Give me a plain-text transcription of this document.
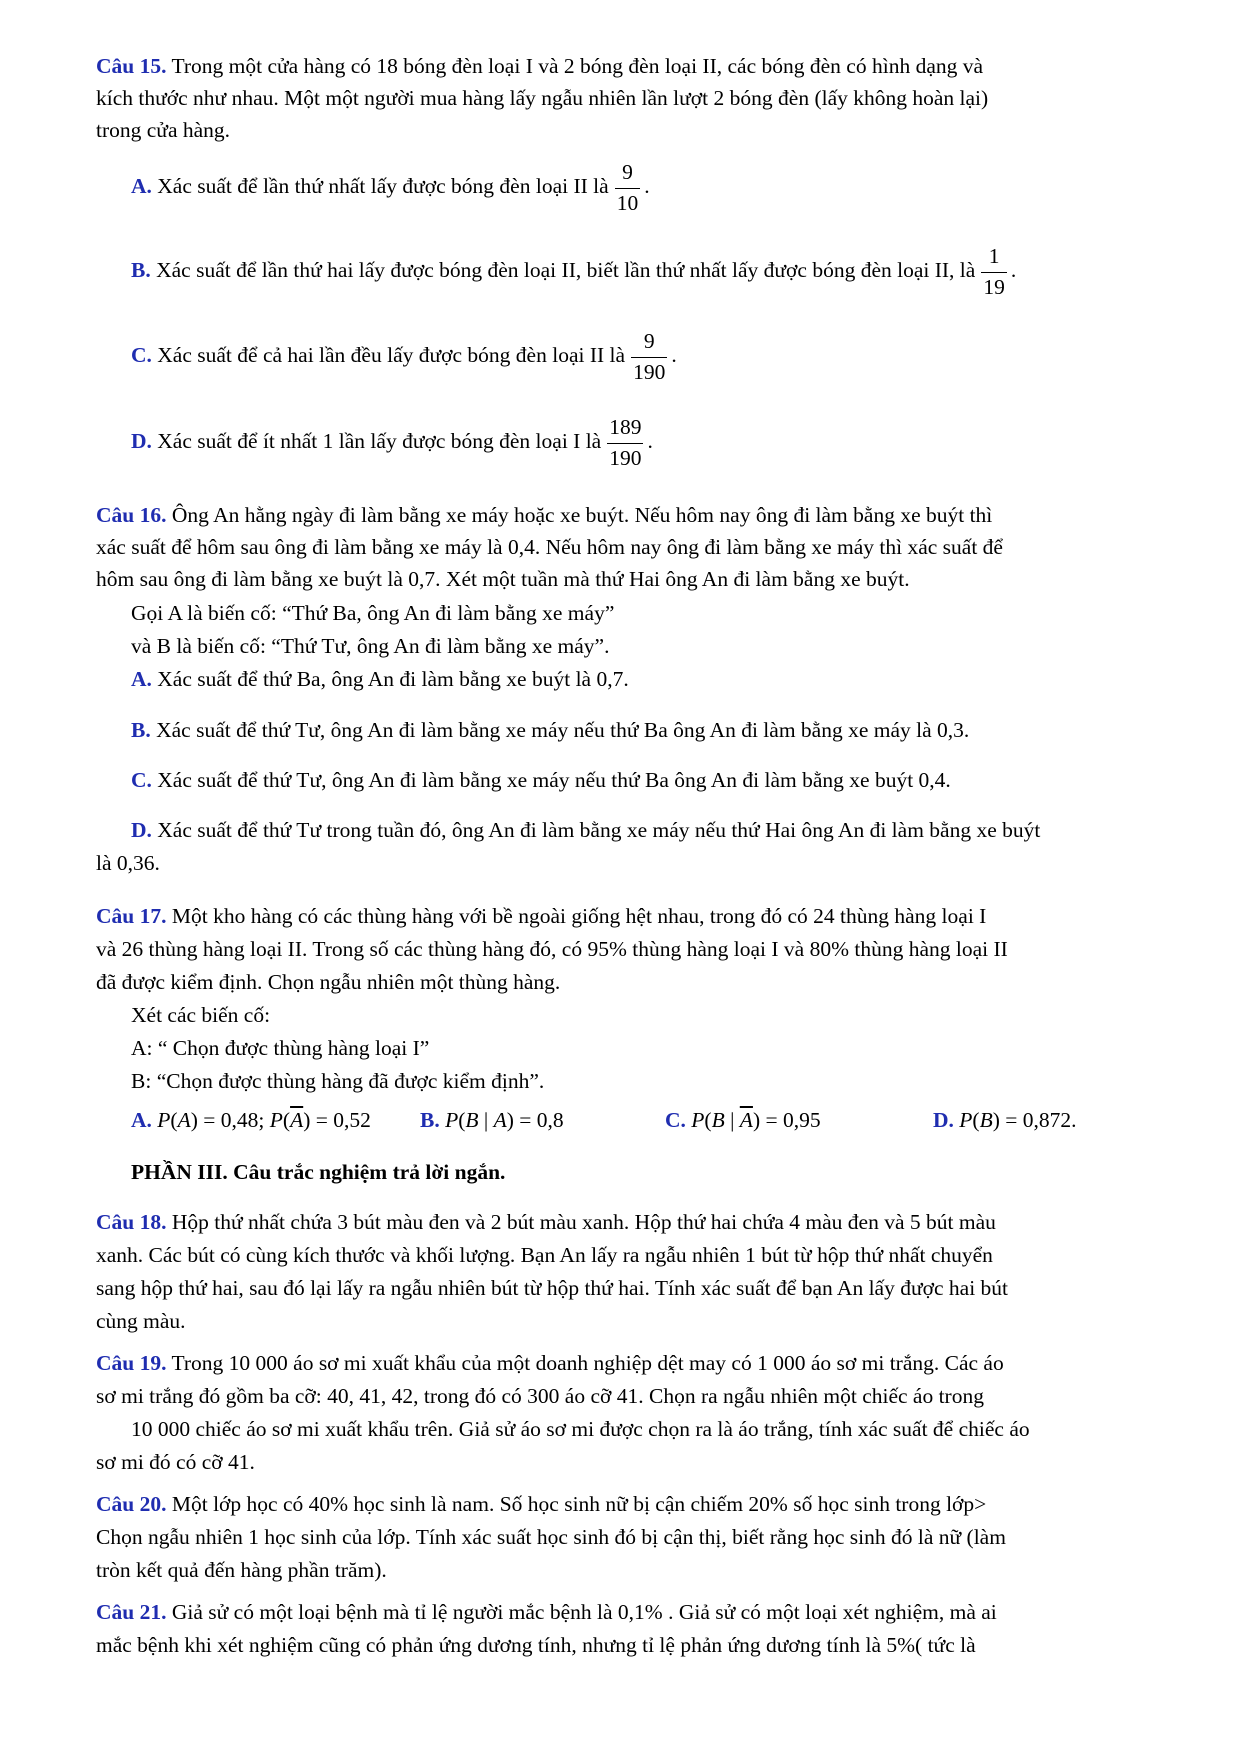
Câu 15. Trong một cửa hàng có 18 bóng đèn loại I và 2 bóng đèn loại II, các bóng đèn có hình dạng và
kích thước như nhau. Một một người mua hàng lấy ngẫu nhiên lần lượt 2 bóng đèn (lấy không hoàn lại)
trong cửa hàng.
A. Xác suất để lần thứ nhất lấy được bóng đèn loại II là $\frac{9}{10}$ .
B. Xác suất để lần thứ hai lấy được bóng đèn loại II, biết lần thứ nhất lấy được bóng đèn loại II, là $\frac{1}{19}$ .
C. Xác suất để cả hai lần đều lấy được bóng đèn loại II là $\frac{9}{190}$ .
D. Xác suất để ít nhất 1 lần lấy được bóng đèn loại I là $\frac{189}{190}$ .
Câu 16. Ông An hằng ngày đi làm bằng xe máy hoặc xe buýt. Nếu hôm nay ông đi làm bằng xe buýt thì
xác suất để hôm sau ông đi làm bằng xe máy là 0,4. Nếu hôm nay ông đi làm bằng xe máy thì xác suất để
hôm sau ông đi làm bằng xe buýt là 0,7. Xét một tuần mà thứ Hai ông An đi làm bằng xe buýt.
Gọi A là biến cố: “Thứ Ba, ông An đi làm bằng xe máy”
và B là biến cố: “Thứ Tư, ông An đi làm bằng xe máy”.
A. Xác suất để thứ Ba, ông An đi làm bằng xe buýt là 0,7.
B. Xác suất để thứ Tư, ông An đi làm bằng xe máy nếu thứ Ba ông An đi làm bằng xe máy là 0,3.
C. Xác suất để thứ Tư, ông An đi làm bằng xe máy nếu thứ Ba ông An đi làm bằng xe buýt 0,4.
D. Xác suất để thứ Tư trong tuần đó, ông An đi làm bằng xe máy nếu thứ Hai ông An đi làm bằng xe buýt
là 0,36.
Câu 17. Một kho hàng có các thùng hàng với bề ngoài giống hệt nhau, trong đó có 24 thùng hàng loại I
và 26 thùng hàng loại II. Trong số các thùng hàng đó, có 95% thùng hàng loại I và 80% thùng hàng loại II
đã được kiểm định. Chọn ngẫu nhiên một thùng hàng.
Xét các biến cố:
A: “ Chọn được thùng hàng loại I”
B: “Chọn được thùng hàng đã được kiểm định”.
A. P(A) = 0,48; $P(\overline{A}) = 0,52$ B. P(B | A) = 0,8	C. P(B | $\overline{A}) = 0,95$	D. P(B) = 0,872.
PHẦN III. Câu trắc nghiệm trả lời ngắn.
Câu 18. Hộp thứ nhất chứa 3 bút màu đen và 2 bút màu xanh. Hộp thứ hai chứa 4 màu đen và 5 bút màu
xanh. Các bút có cùng kích thước và khối lượng. Bạn An lấy ra ngẫu nhiên 1 bút từ hộp thứ nhất chuyển
sang hộp thứ hai, sau đó lại lấy ra ngẫu nhiên bút từ hộp thứ hai. Tính xác suất để bạn An lấy được hai bút
cùng màu.
Câu 19. Trong 10 000 áo sơ mi xuất khẩu của một doanh nghiệp dệt may có 1 000 áo sơ mi trắng. Các áo
sơ mi trắng đó gồm ba cỡ: 40, 41, 42, trong đó có 300 áo cỡ 41. Chọn ra ngẫu nhiên một chiếc áo trong
10 000 chiếc áo sơ mi xuất khẩu trên. Giả sử áo sơ mi được chọn ra là áo trắng, tính xác suất để chiếc áo
sơ mi đó có cỡ 41.
Câu 20. Một lớp học có 40% học sinh là nam. Số học sinh nữ bị cận chiếm 20% số học sinh trong lớp>
Chọn ngẫu nhiên 1 học sinh của lớp. Tính xác suất học sinh đó bị cận thị, biết rằng học sinh đó là nữ (làm
tròn kết quả đến hàng phần trăm).
Câu 21. Giả sử có một loại bệnh mà tỉ lệ người mắc bệnh là 0,1% . Giả sử có một loại xét nghiệm, mà ai
mắc bệnh khi xét nghiệm cũng có phản ứng dương tính, nhưng tỉ lệ phản ứng dương tính là 5%( tức là
